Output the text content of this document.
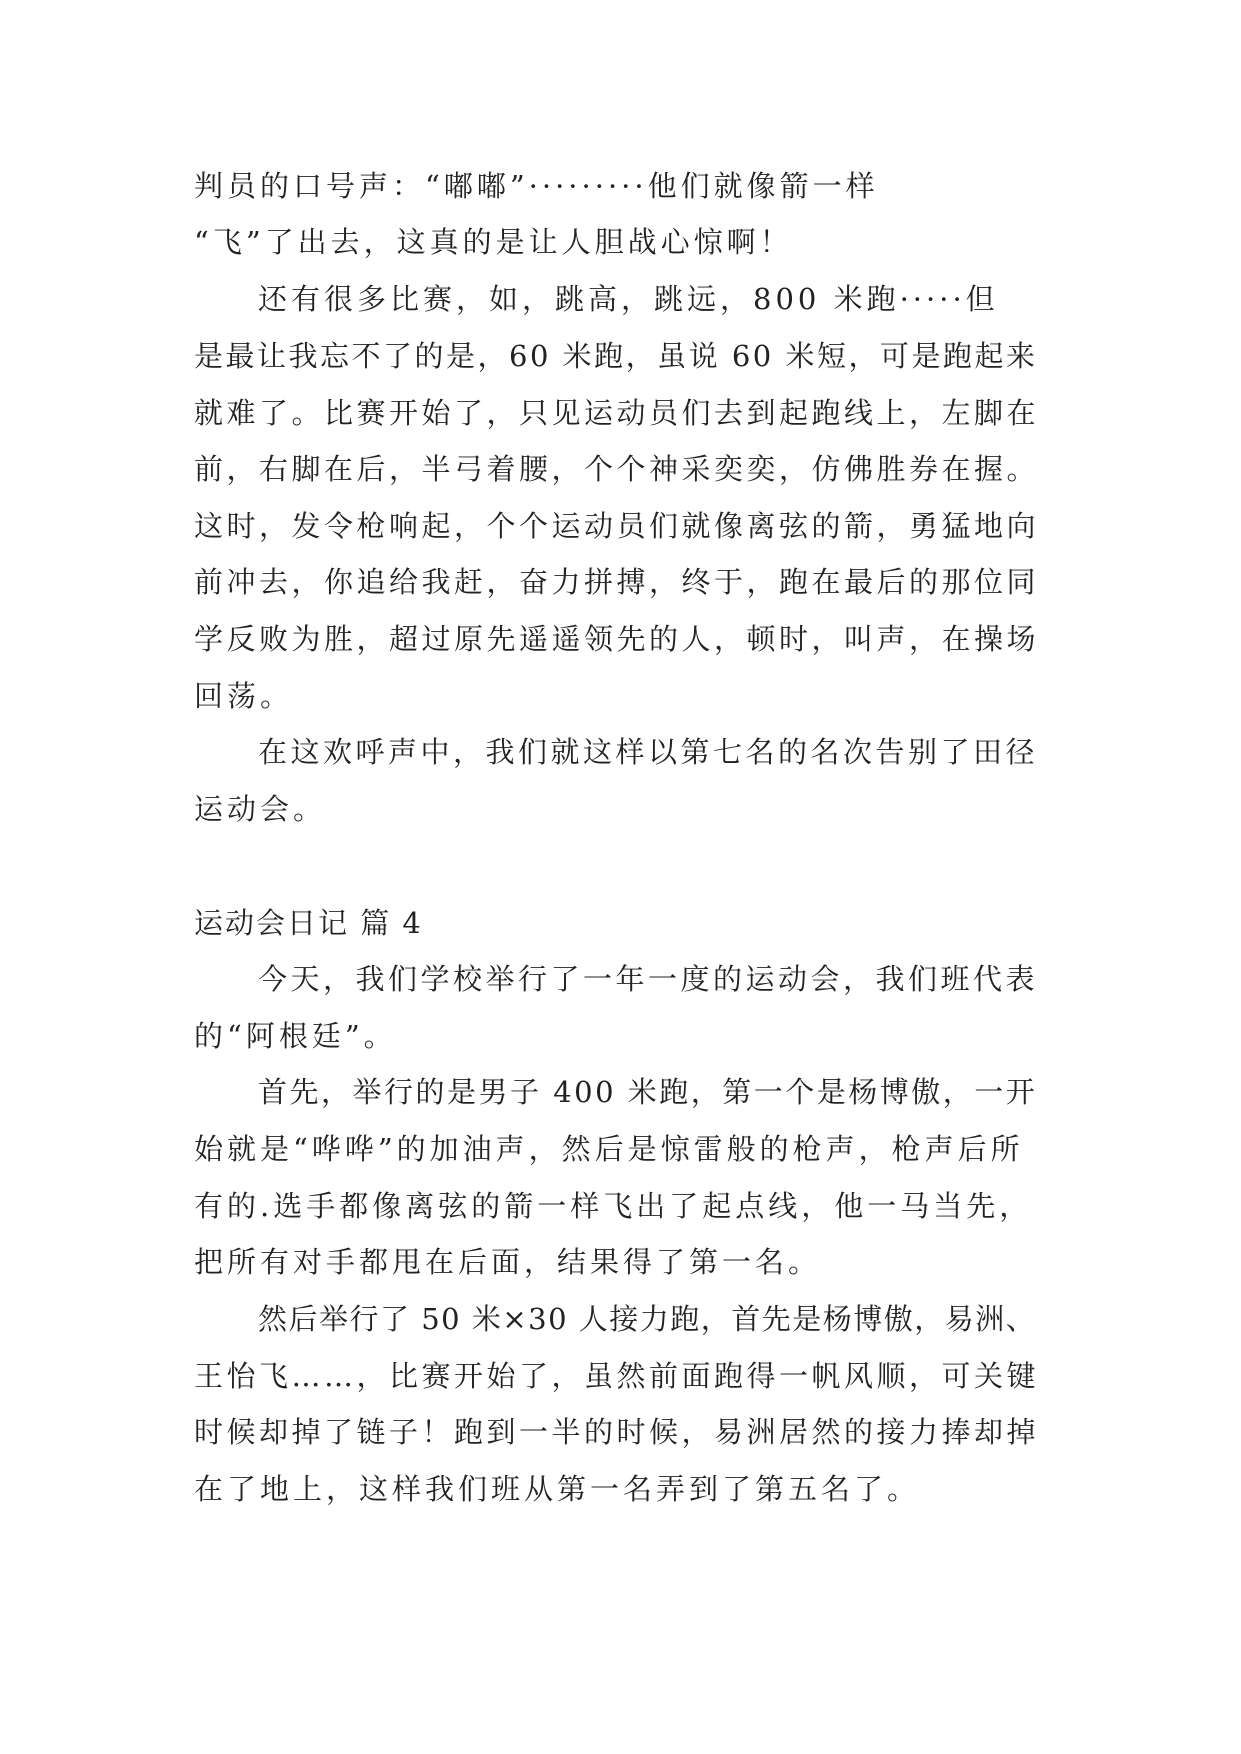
判员的口号声：“嘟嘟”·········他们就像箭一样
“飞”了出去，这真的是让人胆战心惊啊！
还有很多比赛，如，跳高，跳远，800 米跑·····但
是最让我忘不了的是，60 米跑，虽说 60 米短，可是跑起来
就难了。比赛开始了，只见运动员们去到起跑线上，左脚在
前，右脚在后，半弓着腰，个个神采奕奕，仿佛胜券在握。
这时，发令枪响起，个个运动员们就像离弦的箭，勇猛地向
前冲去，你追给我赶，奋力拼搏，终于，跑在最后的那位同
学反败为胜，超过原先遥遥领先的人，顿时，叫声，在操场
回荡。
在这欢呼声中，我们就这样以第七名的名次告别了田径
运动会。
运动会日记 篇 4
今天，我们学校举行了一年一度的运动会，我们班代表
的“阿根廷”。
首先，举行的是男子 400 米跑，第一个是杨博傲，一开
始就是“哗哗”的加油声，然后是惊雷般的枪声，枪声后所
有的.选手都像离弦的箭一样飞出了起点线，他一马当先，
把所有对手都甩在后面，结果得了第一名。
然后举行了 50 米×30 人接力跑，首先是杨博傲，易洲、
王怡飞……，比赛开始了，虽然前面跑得一帆风顺，可关键
时候却掉了链子！跑到一半的时候，易洲居然的接力捧却掉
在了地上，这样我们班从第一名弄到了第五名了。
